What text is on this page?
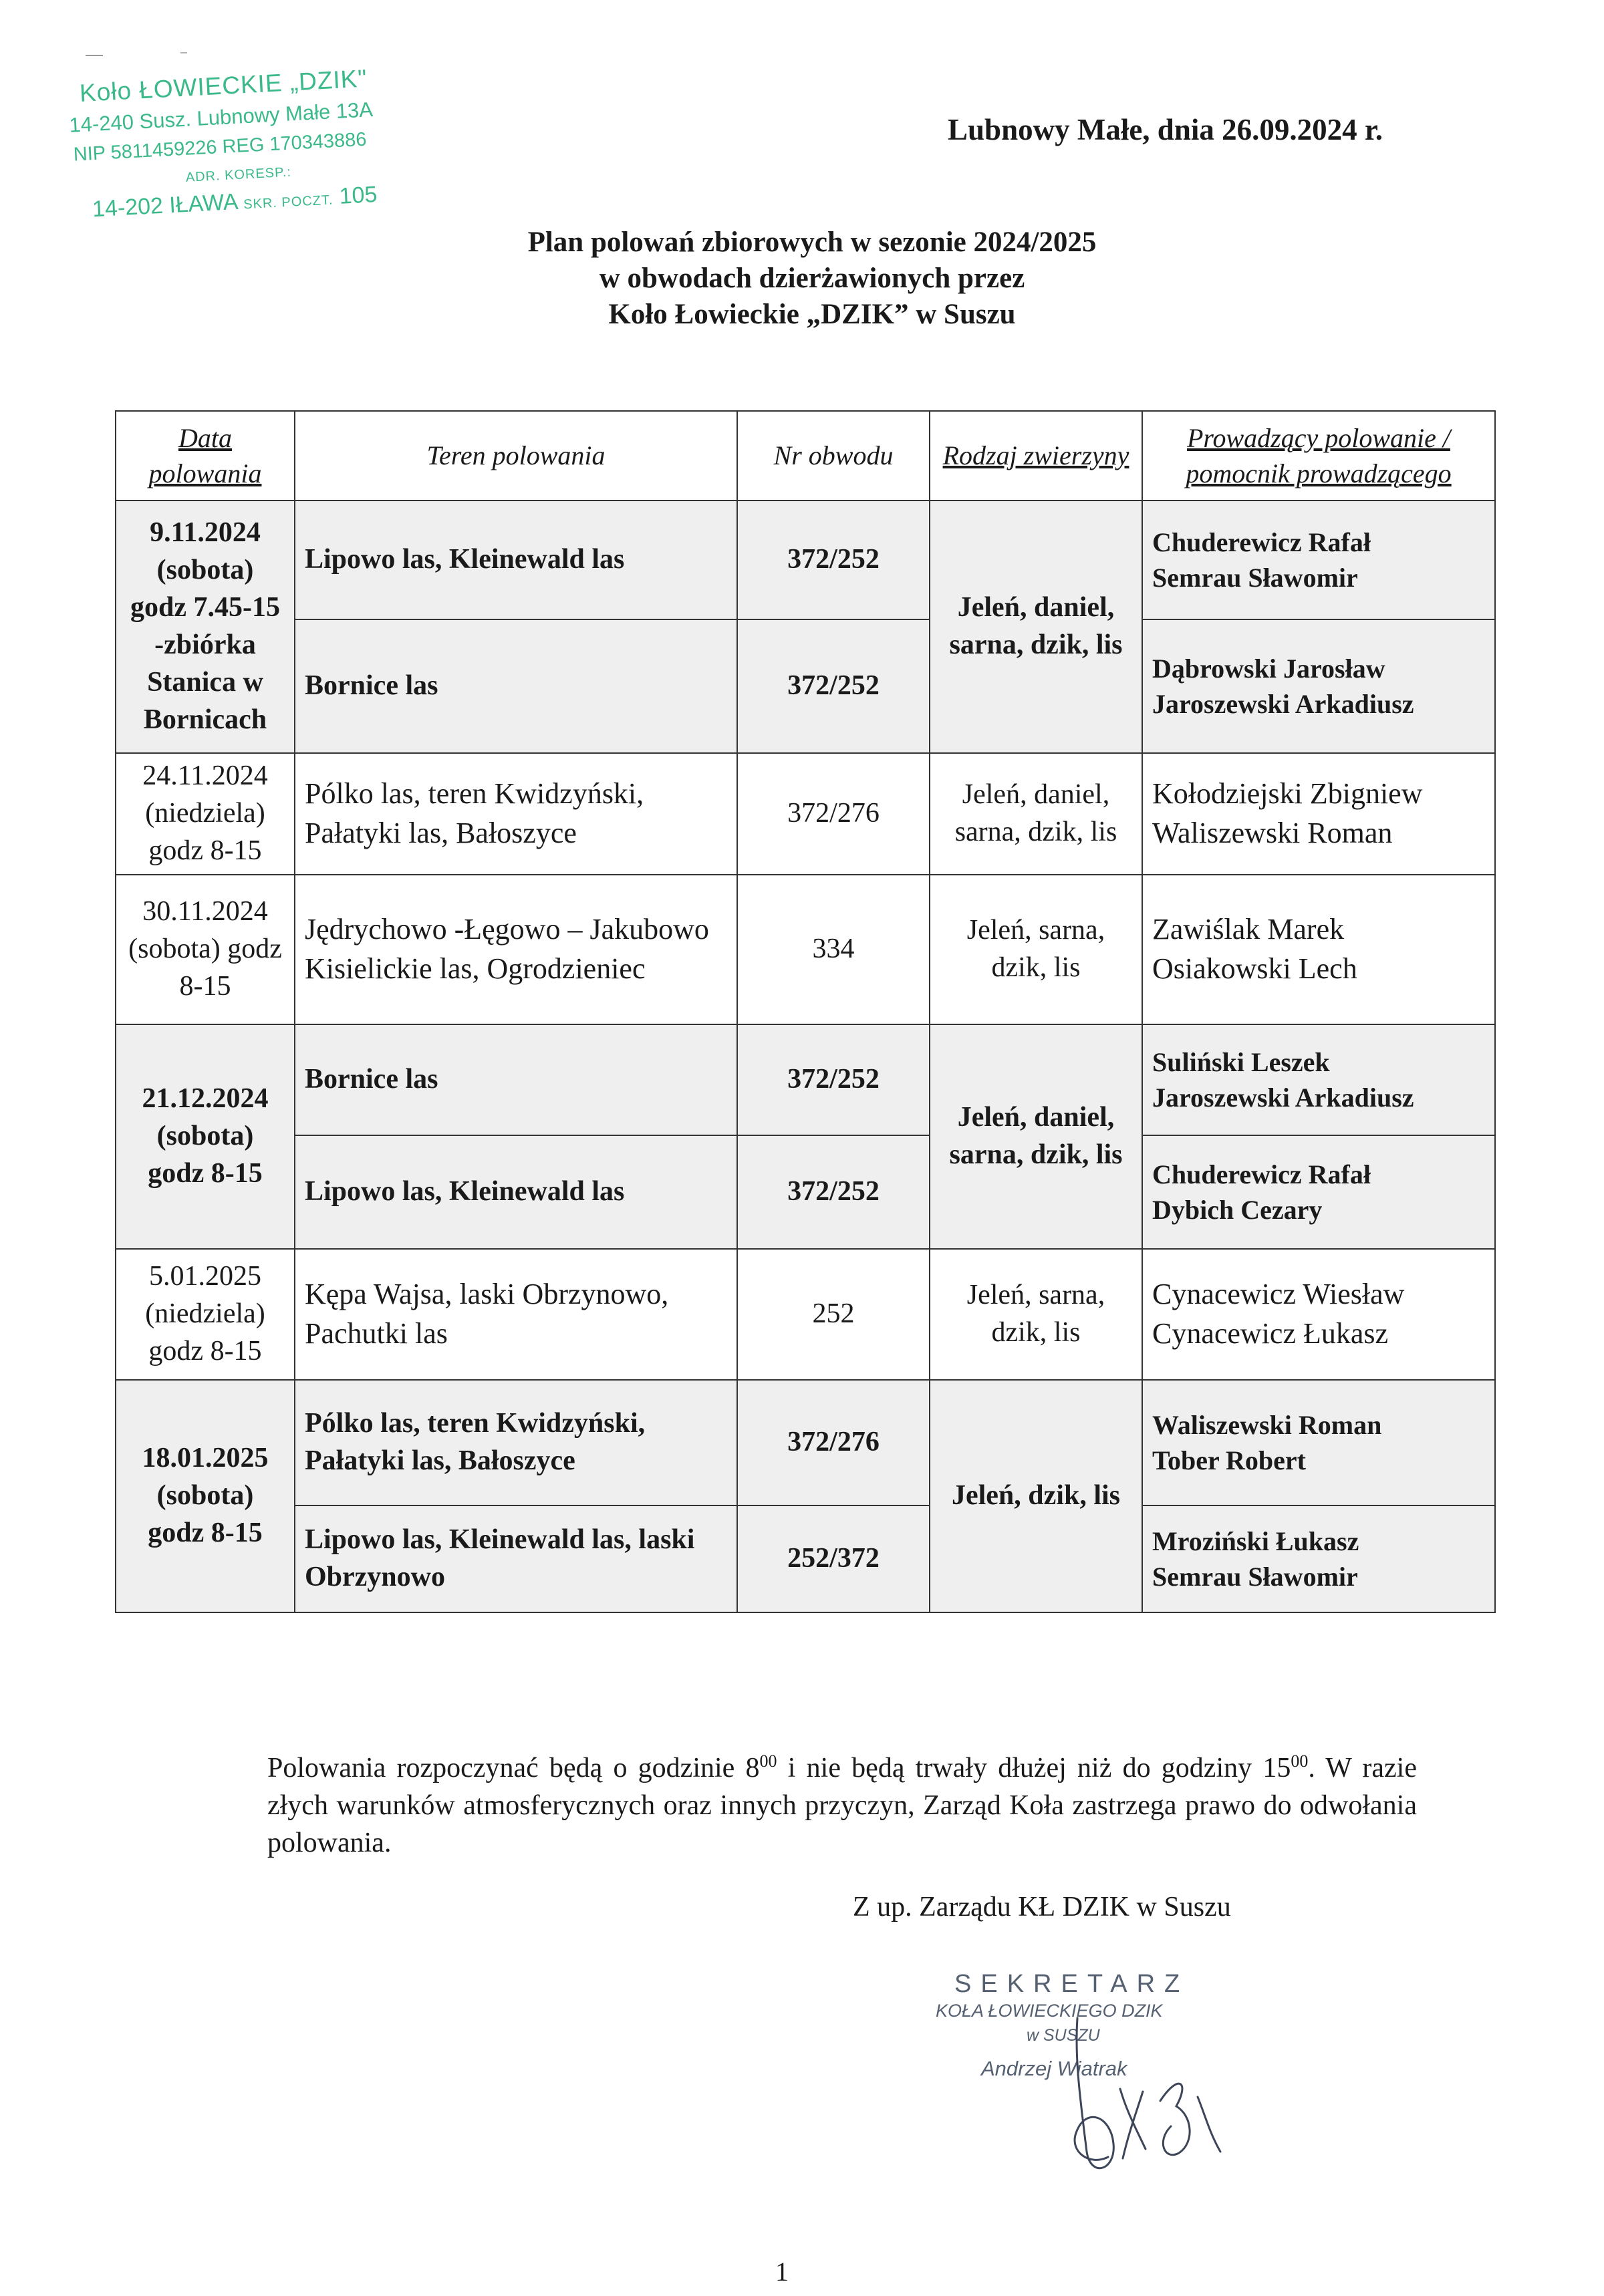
Koło ŁOWIECKIE „DZIK"
14-240 Susz. Lubnowy Małe 13A
NIP 5811459226 REG 170343886
ADR. KORESP.:
14-202 IŁAWA SKR. POCZT. 105
Lubnowy Małe, dnia 26.09.2024 r.
Plan polowań zbiorowych w sezonie 2024/2025
w obwodach dzierżawionych przez
Koło Łowieckie „DZIK” w Suszu
Data polowania	Teren polowania	Nr obwodu	Rodzaj zwierzyny	Prowadzący polowanie / pomocnik prowadzącego
9.11.2024 (sobota) godz 7.45-15 -zbiórka Stanica w Bornicach	Lipowo las, Kleinewald las	372/252	Jeleń, daniel, sarna, dzik, lis	Chuderewicz Rafał
Semrau Sławomir

	Bornice las	372/252		Dąbrowski Jarosław
Jaroszewski Arkadiusz

24.11.2024 (niedziela) godz 8-15	Pólko las, teren Kwidzyński, Pałatyki las, Bałoszyce	372/276	Jeleń, daniel, sarna, dzik, lis	Kołodziejski Zbigniew
Waliszewski Roman

30.11.2024 (sobota) godz 8-15	Jędrychowo -Łęgowo – Jakubowo Kisielickie las, Ogrodzieniec	334	Jeleń, sarna, dzik, lis	Zawiślak Marek
Osiakowski Lech

21.12.2024 (sobota) godz 8-15	Bornice las	372/252	Jeleń, daniel, sarna, dzik, lis	Suliński Leszek
Jaroszewski Arkadiusz

	Lipowo las, Kleinewald las	372/252		Chuderewicz Rafał
Dybich Cezary

5.01.2025 (niedziela) godz 8-15	Kępa Wajsa, laski Obrzynowo, Pachutki las	252	Jeleń, sarna, dzik, lis	Cynacewicz Wiesław
Cynacewicz Łukasz

18.01.2025 (sobota) godz 8-15	Pólko las, teren Kwidzyński, Pałatyki las, Bałoszyce	372/276	Jeleń, dzik, lis	Waliszewski Roman
Tober Robert

	Lipowo las, Kleinewald las, laski Obrzynowo	252/372		Mroziński Łukasz
Semrau Sławomir
Polowania rozpoczynać będą o godzinie $8^{00}$ i nie będą trwały dłużej niż do godziny $15^{00}$. W razie złych warunków atmosferycznych oraz innych przyczyn, Zarząd Koła zastrzega prawo do odwołania polowania.
Z up. Zarządu KŁ DZIK w Suszu
SEKRETARZ
KOŁA ŁOWIECKIEGO DZIK
w SUSZU
Andrzej Wiatrak
1
